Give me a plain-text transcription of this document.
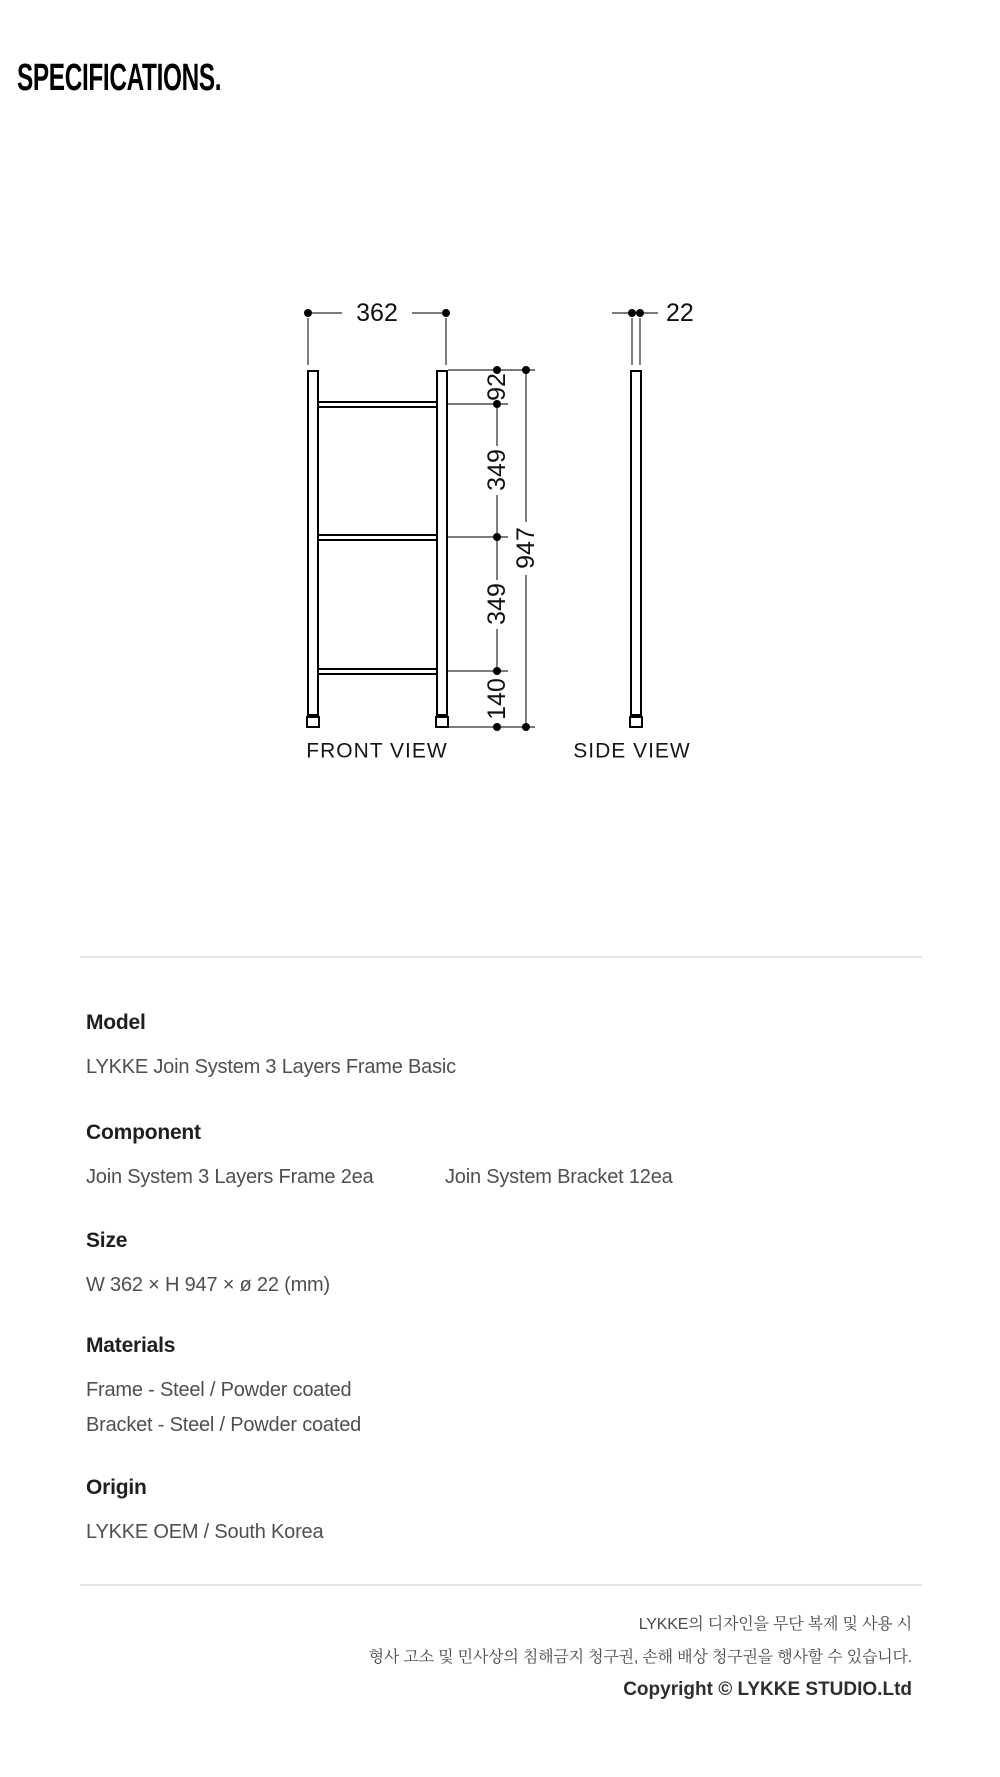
SPECIFICATIONS.
362	22
92
349
349
140
947
FRONT VIEW	SIDE VIEW
Model
LYKKE Join System 3 Layers Frame Basic
Component
Join System 3 Layers Frame 2ea	Join System Bracket 12ea
Size
W 362 × H 947 × ø 22 (mm)
Materials
Frame - Steel / Powder coated
Bracket - Steel / Powder coated
Origin
LYKKE OEM / South Korea
LYKKE의 디자인을 무단 복제 및 사용 시
형사 고소 및 민사상의 침해금지 청구권, 손해 배상 청구권을 행사할 수 있습니다.
Copyright © LYKKE STUDIO.Ltd
